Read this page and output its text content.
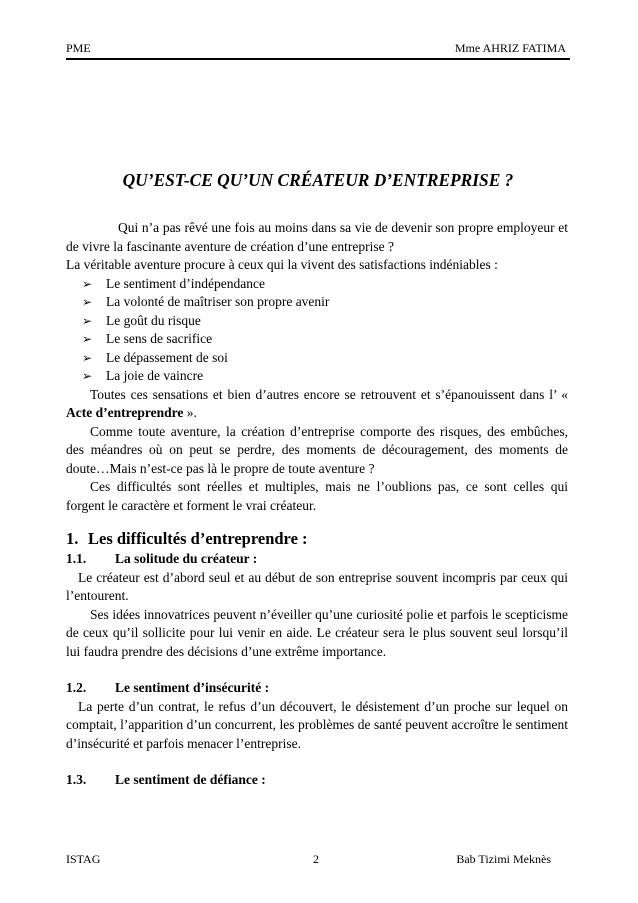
PME	Mme AHRIZ FATIMA
QU’EST-CE QU’UN CRÉATEUR D’ENTREPRISE ?

Qui n’a pas rêvé une fois au moins dans sa vie de devenir son propre employeur et de vivre la fascinante aventure de création d’une entreprise ?

La véritable aventure procure à ceux qui la vivent des satisfactions indéniables :

➢	Le sentiment d’indépendance
➢	La volonté de maîtriser son propre avenir
➢	Le goût du risque
➢	Le sens de sacrifice
➢	Le dépassement de soi
➢	La joie de vaincre

Toutes ces sensations et bien d’autres encore se retrouvent et s’épanouissent dans l’ « Acte d’entreprendre ».

Comme toute aventure, la création d’entreprise comporte des risques, des embûches, des méandres où on peut se perdre, des moments de découragement, des moments de doute…Mais n’est-ce pas là le propre de toute aventure ?

Ces difficultés sont réelles et multiples, mais ne l’oublions pas, ce sont celles qui forgent le caractère et forment le vrai créateur.

1. Les difficultés d’entreprendre :
1.1. La solitude du créateur :

Le créateur est d’abord seul et au début de son entreprise souvent incompris par ceux qui l’entourent.

Ses idées innovatrices peuvent n’éveiller qu’une curiosité polie et parfois le scepticisme de ceux qu’il sollicite pour lui venir en aide. Le créateur sera le plus souvent seul lorsqu’il lui faudra prendre des décisions d’une extrême importance.

1.2. Le sentiment d’insécurité :

La perte d’un contrat, le refus d’un découvert, le désistement d’un proche sur lequel on comptait, l’apparition d’un concurrent, les problèmes de santé peuvent accroître le sentiment d’insécurité et parfois menacer l’entreprise.

1.3. Le sentiment de défiance :
ISTAG	2	Bab Tizimi Meknès
